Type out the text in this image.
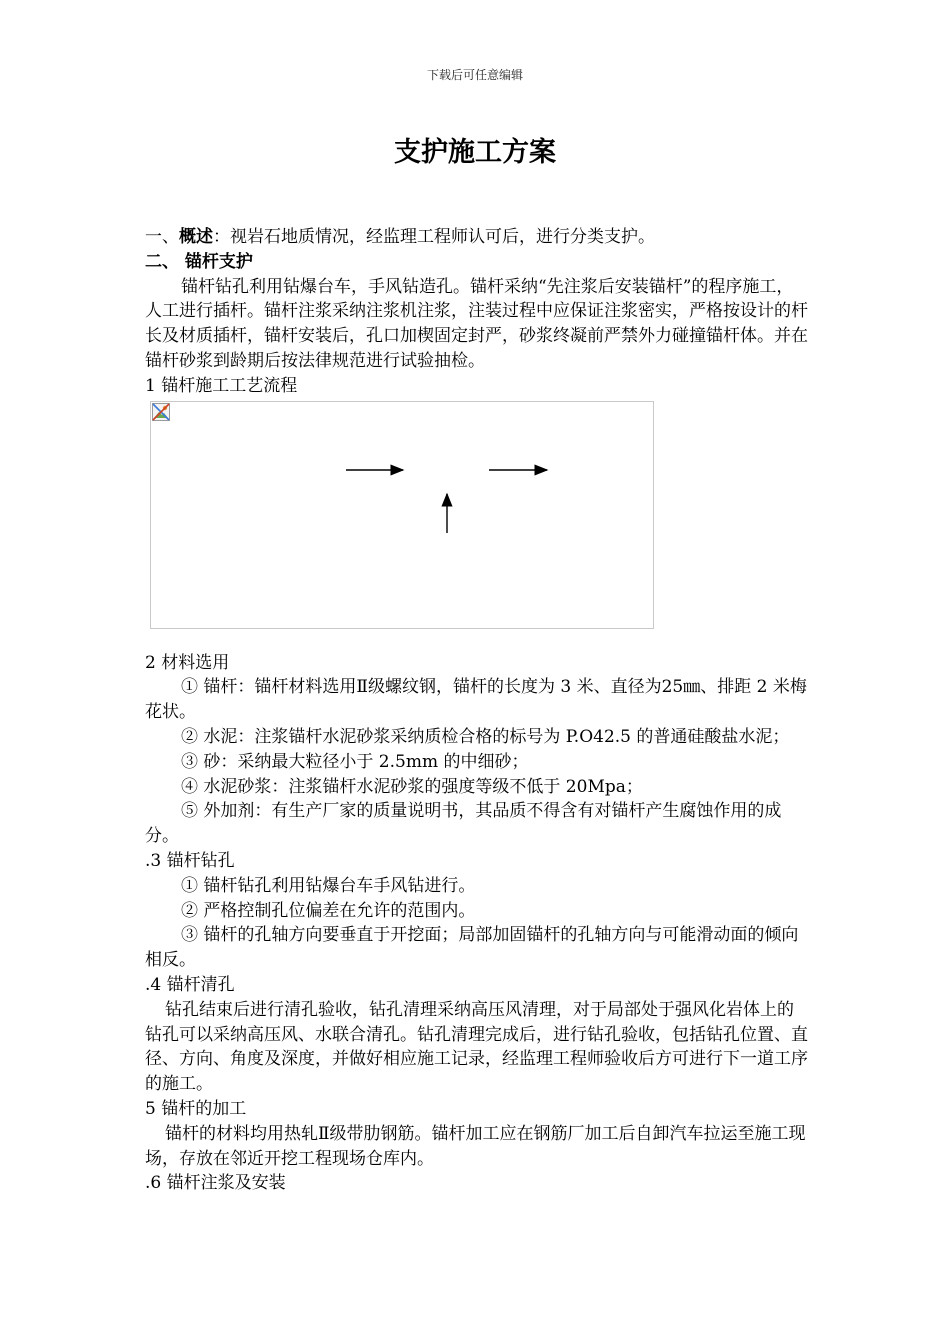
下载后可任意编辑
支护施工方案

一、概述：视岩石地质情况，经监理工程师认可后，进行分类支护。

二、 锚杆支护

锚杆钻孔利用钻爆台车，手风钻造孔。锚杆采纳“先注浆后安装锚杆”的程序施工，人工进行插杆。锚杆注浆采纳注浆机注浆，注装过程中应保证注浆密实，严格按设计的杆长及材质插杆，锚杆安装后，孔口加楔固定封严，砂浆终凝前严禁外力碰撞锚杆体。并在锚杆砂浆到龄期后按法律规范进行试验抽检。

1 锚杆施工工艺流程

2 材料选用

① 锚杆：锚杆材料选用Ⅱ级螺纹钢，锚杆的长度为 3 米、直径为25㎜、排距 2 米梅花状。

② 水泥：注浆锚杆水泥砂浆采纳质检合格的标号为 P.O42.5 的普通硅酸盐水泥；

③ 砂：采纳最大粒径小于 2.5mm 的中细砂；

④ 水泥砂浆：注浆锚杆水泥砂浆的强度等级不低于 20Mpa；

⑤ 外加剂：有生产厂家的质量说明书，其品质不得含有对锚杆产生腐蚀作用的成分。

.3 锚杆钻孔

① 锚杆钻孔利用钻爆台车手风钻进行。

② 严格控制孔位偏差在允许的范围内。

③ 锚杆的孔轴方向要垂直于开挖面；局部加固锚杆的孔轴方向与可能滑动面的倾向相反。

.4 锚杆清孔

钻孔结束后进行清孔验收，钻孔清理采纳高压风清理，对于局部处于强风化岩体上的钻孔可以采纳高压风、水联合清孔。钻孔清理完成后，进行钻孔验收，包括钻孔位置、直径、方向、角度及深度，并做好相应施工记录，经监理工程师验收后方可进行下一道工序的施工。

5 锚杆的加工

锚杆的材料均用热轧Ⅱ级带肋钢筋。锚杆加工应在钢筋厂加工后自卸汽车拉运至施工现场，存放在邻近开挖工程现场仓库内。

.6 锚杆注浆及安装
